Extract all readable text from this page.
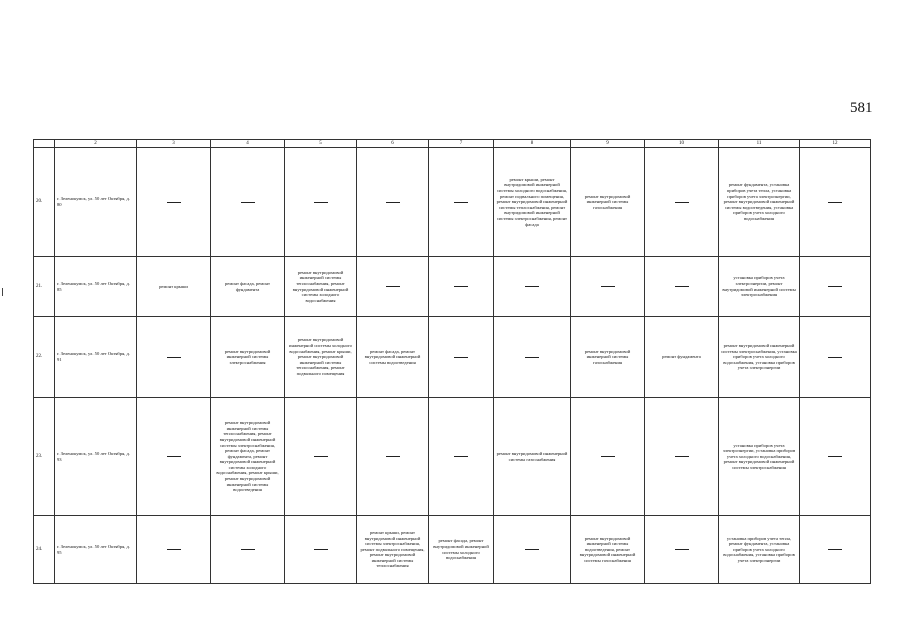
581
	2	3	4	5	6	7	8	9	10	11	12
20.	г. Зеленокумск, ул. 50 лет Октября, д. 80						ремонт крыши, ремонт внутридомовой инженерной системы холодного водоснабжения, ремонт подвального помещения, ремонт внутридомовой инженерной системы теплоснабжения, ремонт внутридомовой инженерной системы электроснабжения, ремонт фасада	ремонт внутридомовой инженерной системы газоснабжения		ремонт фундамента, установка приборов учета тепла, установка приборов учета электроэнергии, ремонт внутридомовой инженерной системы водоотведения, установка приборов учета холодного водоснабжения	
21.	г. Зеленокумск, ул. 50 лет Октября, д. 85	ремонт крыши	ремонт фасада, ремонт фундамента	ремонт внутридомовой инженерной системы теплоснабжения, ремонт внутридомовой инженерной системы холодного водоснабжения						установка приборов учета электроэнергии, ремонт внутридомовой инженерной системы электроснабжения	
22.	г. Зеленокумск, ул. 50 лет Октября, д. 91		ремонт внутридомовой инженерной системы электроснабжения	ремонт внутридомовой инженерной системы холодного водоснабжения, ремонт крыши, ремонт внутридомовой инженерной системы теплоснабжения, ремонт подвального помещения	ремонт фасада, ремонт внутридомовой инженерной системы водоотведения			ремонт внутридомовой инженерной системы газоснабжения	ремонт фундамента	ремонт внутридомовой инженерной системы электроснабжения, установка приборов учета холодного водоснабжения, установка приборов учета электроэнергии	
23.	г. Зеленокумск, ул. 50 лет Октября, д. 93		ремонт внутридомовой инженерной системы теплоснабжения, ремонт внутридомовой инженерной системы электроснабжения, ремонт фасада, ремонт фундамента, ремонт внутридомовой инженерной системы холодного водоснабжения, ремонт крыши, ремонт внутридомовой инженерной системы водоотведения				ремонт внутридомовой инженерной системы газоснабжения			установка приборов учета электроэнергии, установка приборов учета холодного водоснабжения, ремонт внутридомовой инженерной системы электроснабжения	
24.	г. Зеленокумск, ул. 50 лет Октября, д. 95				ремонт крыши, ремонт внутридомовой инженерной системы электроснабжения, ремонт подвального помещения, ремонт внутридомовой инженерной системы теплоснабжения	ремонт фасада, ремонт внутридомовой инженерной системы холодного водоснабжения		ремонт внутридомовой инженерной системы водоотведения, ремонт внутридомовой инженерной системы газоснабжения		установка приборов учета тепла, ремонт фундамента, установка приборов учета холодного водоснабжения, установка приборов учета электроэнергии	
